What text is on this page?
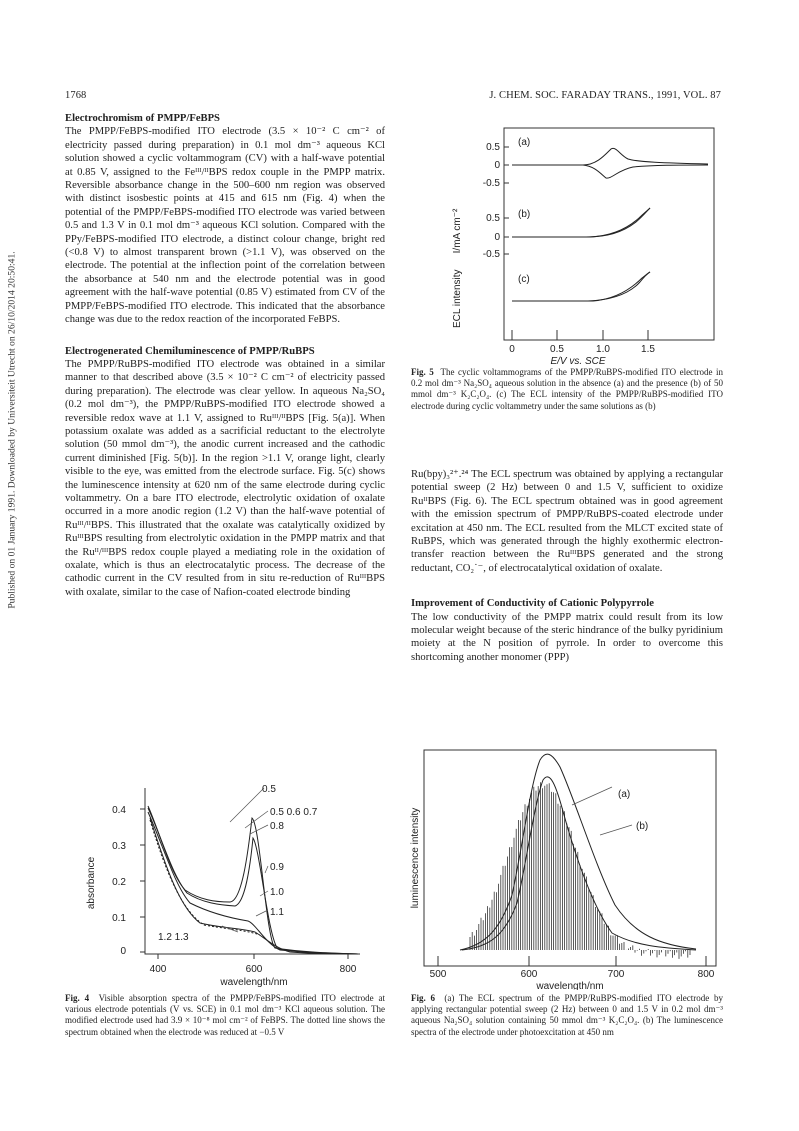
Published on 01 January 1991. Downloaded by Universiteit Utrecht on 26/10/2014 20:50:41.
1768	J. CHEM. SOC. FARADAY TRANS., 1991, VOL. 87

Electrochromism of PMPP/FeBPS

The PMPP/FeBPS-modified ITO electrode (3.5 × 10⁻² C cm⁻² of electricity passed during preparation) in 0.1 mol dm⁻³ aqueous KCl solution showed a cyclic voltammogram (CV) with a half-wave potential at 0.85 V, assigned to the Feᴵᴵᴵ/ᴵᴵBPS redox couple in the PMPP matrix. Reversible absorbance change in the 500–600 nm region was observed with distinct isosbestic points at 415 and 615 nm (Fig. 4) when the potential of the PMPP/FeBPS-modified ITO electrode was varied between 0.5 and 1.3 V in 0.1 mol dm⁻³ aqueous KCl solution. Compared with the PPy/FeBPS-modified ITO electrode, a distinct colour change, bright red (<0.8 V) to almost transparent brown (>1.1 V), was observed on the electrode. The potential at the inflection point of the correlation between the absorbance at 540 nm and the electrode potential was in good agreement with the half-wave potential (0.85 V) estimated from CV of the PMPP/FeBPS-modified ITO electrode. This indicated that the absorbance change was due to the redox reaction of the incorporated FeBPS.

Electrogenerated Chemiluminescence of PMPP/RuBPS

The PMPP/RuBPS-modified ITO electrode was obtained in a similar manner to that described above (3.5 × 10⁻² C cm⁻² of electricity passed during preparation). The electrode was clear yellow. In aqueous Na₂SO₄ (0.2 mol dm⁻³), the PMPP/RuBPS-modified ITO electrode showed a reversible redox wave at 1.1 V, assigned to Ruᴵᴵᴵ/ᴵᴵBPS [Fig. 5(a)]. When potassium oxalate was added as a sacrificial reductant to the electrolyte solution (50 mmol dm⁻³), the anodic current increased and the cathodic current diminished [Fig. 5(b)]. In the region >1.1 V, orange light, clearly visible to the eye, was emitted from the electrode surface. Fig. 5(c) shows the luminescence intensity at 620 nm of the same electrode during cyclic voltammetry. On a bare ITO electrode, electrolytic oxidation of oxalate occurred in a more anodic region (1.2 V) than the half-wave potential of Ruᴵᴵᴵ/ᴵᴵBPS. This illustrated that the oxalate was catalytically oxidized by RuᴵᴵᴵBPS resulting from electrolytic oxidation in the PMPP matrix and that the Ruᴵᴵ/ᴵᴵᴵBPS redox couple played a mediating role in the oxidation of oxalate, which is thus an electrocatalytic process. The decrease of the cathodic current in the CV resulted from in situ re-reduction of RuᴵᴵᴵBPS with oxalate, similar to the case of Nafion-coated electrode binding

0.5
0
-0.5
0.5
0
-0.5
(a)
(b)
(c)
0	0.5	1.0	1.5
E/V vs. SCE
I/mA cm⁻²
ECL intensity
Fig. 5 The cyclic voltammograms of the PMPP/RuBPS-modified ITO electrode in 0.2 mol dm⁻³ Na₂SO₄ aqueous solution in the absence (a) and the presence (b) of 50 mmol dm⁻³ K₂C₂O₄. (c) The ECL intensity of the PMPP/RuBPS-modified ITO electrode during cyclic voltammetry under the same solutions as (b)

Ru(bpy)₃²⁺.²⁴ The ECL spectrum was obtained by applying a rectangular potential sweep (2 Hz) between 0 and 1.5 V, sufficient to oxidize RuᴵᴵBPS (Fig. 6). The ECL spectrum obtained was in good agreement with the emission spectrum of PMPP/RuBPS-coated electrode under excitation at 450 nm. The ECL resulted from the MLCT excited state of RuBPS, which was generated through the highly exothermic electron-transfer reaction between the RuᴵᴵᴵBPS generated and the strong reductant, CO₂˙⁻, of electrocatalytical oxidation of oxalate.

Improvement of Conductivity of Cationic Polypyrrole

The low conductivity of the PMPP matrix could result from its low molecular weight because of the steric hindrance of the bulky pyridinium moiety at the N position of pyrrole. In order to overcome this shortcoming another monomer (PPP)

0.4
0.3
0.2
0.1
0
400	600	800
wavelength/nm
absorbance
0.5
0.5 0.6 0.7
0.8
0.9
1.0
1.1
1.2 1.3
Fig. 4 Visible absorption spectra of the PMPP/FeBPS-modified ITO electrode at various electrode potentials (V vs. SCE) in 0.1 mol dm⁻³ KCl aqueous solution. The modified electrode used had 3.9 × 10⁻⁸ mol cm⁻² of FeBPS. The dotted line shows the spectrum obtained when the electrode was reduced at −0.5 V
500	600	700	800
wavelength/nm
luminescence intensity
(a)
(b)
Fig. 6 (a) The ECL spectrum of the PMPP/RuBPS-modified ITO electrode by applying rectangular potential sweep (2 Hz) between 0 and 1.5 V in 0.2 mol dm⁻³ aqueous Na₂SO₄ solution containing 50 mmol dm⁻³ K₂C₂O₄. (b) The luminescence spectra of the electrode under photoexcitation at 450 nm
